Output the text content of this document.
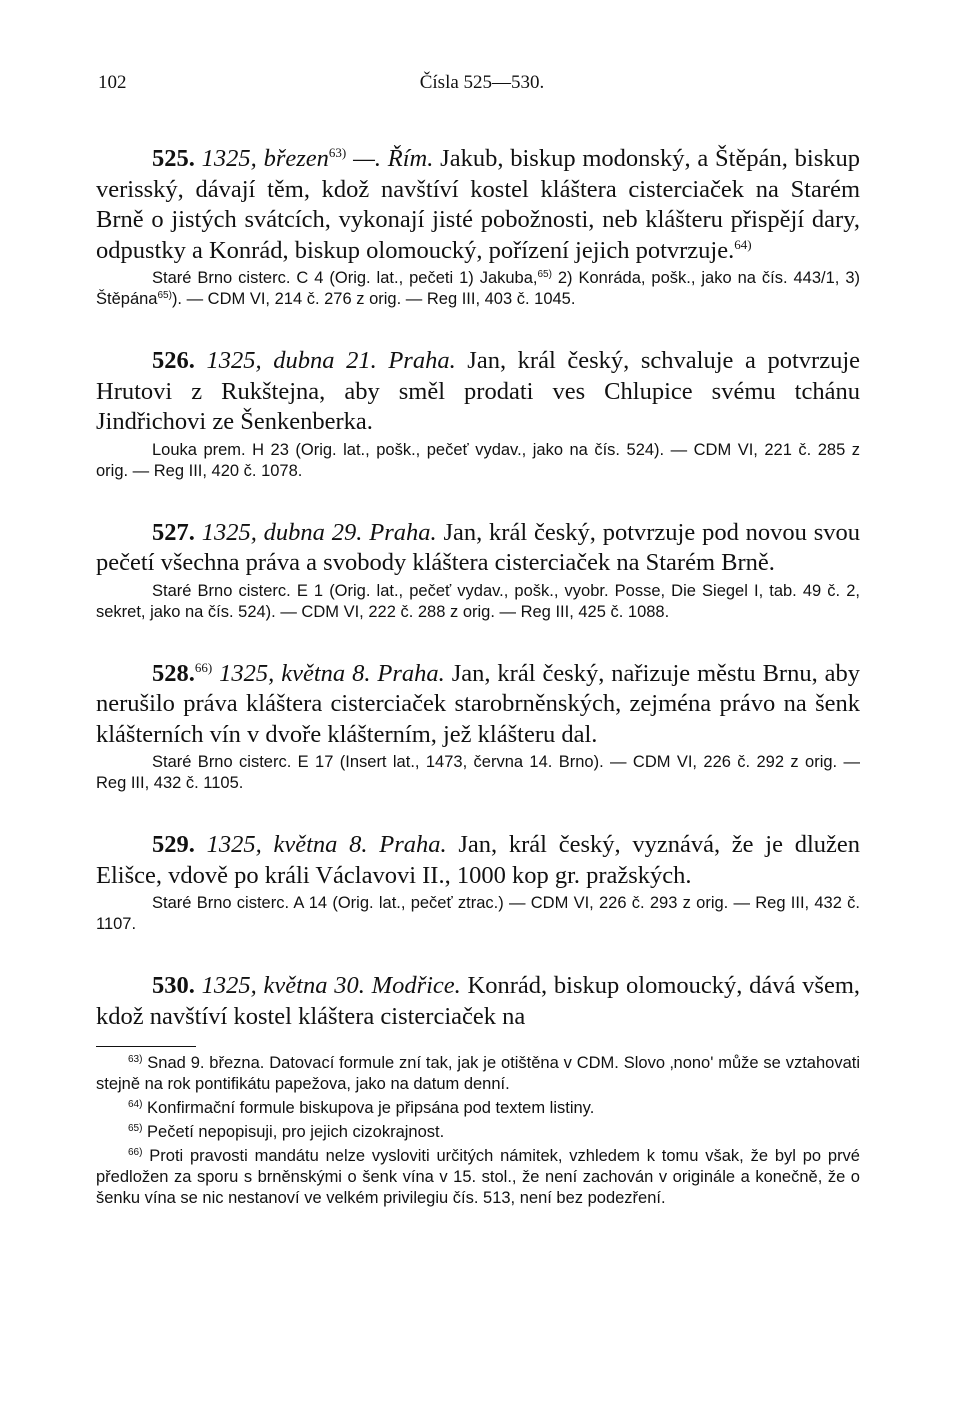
102	Čísla 525—530.

525. 1325, březen$^{63)}$ —. Řím. Jakub, biskup modonský, a Štěpán, biskup verisský, dávají těm, kdož navštíví kostel kláštera cisterciaček na Starém Brně o jistých svátcích, vykonají jisté pobožnosti, neb klášteru přispějí dary, odpustky a Konrád, biskup olomoucký, pořízení jejich potvrzuje.$^{64)}$

Staré Brno cisterc. C 4 (Orig. lat., pečeti 1) Jakuba,$^{65)}$ 2) Konráda, pošk., jako na čís. 443/1, 3) Štěpána$^{65)}$). — CDM VI, 214 č. 276 z orig. — Reg III, 403 č. 1045.

526. 1325, dubna 21. Praha. Jan, král český, schvaluje a potvrzuje Hrutovi z Rukštejna, aby směl prodati ves Chlupice svému tchánu Jindřichovi ze Šenkenberka.

Louka prem. H 23 (Orig. lat., pošk., pečeť vydav., jako na čís. 524). — CDM VI, 221 č. 285 z orig. — Reg III, 420 č. 1078.

527. 1325, dubna 29. Praha. Jan, král český, potvrzuje pod novou svou pečetí všechna práva a svobody kláštera cisterciaček na Starém Brně.

Staré Brno cisterc. E 1 (Orig. lat., pečeť vydav., pošk., vyobr. Posse, Die Siegel I, tab. 49 č. 2, sekret, jako na čís. 524). — CDM VI, 222 č. 288 z orig. — Reg III, 425 č. 1088.

528.$^{66)}$ 1325, května 8. Praha. Jan, král český, nařizuje městu Brnu, aby nerušilo práva kláštera cisterciaček starobrněnských, zejména právo na šenk klášterních vín v dvoře klášterním, jež klášteru dal.

Staré Brno cisterc. E 17 (Insert lat., 1473, června 14. Brno). — CDM VI, 226 č. 292 z orig. — Reg III, 432 č. 1105.

529. 1325, května 8. Praha. Jan, král český, vyznává, že je dlužen Elišce, vdově po králi Václavovi II., 1000 kop gr. pražských.

Staré Brno cisterc. A 14 (Orig. lat., pečeť ztrac.) — CDM VI, 226 č. 293 z orig. — Reg III, 432 č. 1107.

530. 1325, května 30. Modřice. Konrád, biskup olomoucký, dává všem, kdož navštíví kostel kláštera cisterciaček na

$^{63)}$ Snad 9. března. Datovací formule zní tak, jak je otištěna v CDM. Slovo ‚nono' může se vztahovati stejně na rok pontifikátu papežova, jako na datum denní.

$^{64)}$ Konfirmační formule biskupova je připsána pod textem listiny.

$^{65)}$ Pečetí nepopisuji, pro jejich cizokrajnost.

$^{66)}$ Proti pravosti mandátu nelze vysloviti určitých námitek, vzhledem k tomu však, že byl po prvé předložen za sporu s brněnskými o šenk vína v 15. stol., že není zachován v originále a konečně, že o šenku vína se nic nestanoví ve velkém privilegiu čís. 513, není bez podezření.
